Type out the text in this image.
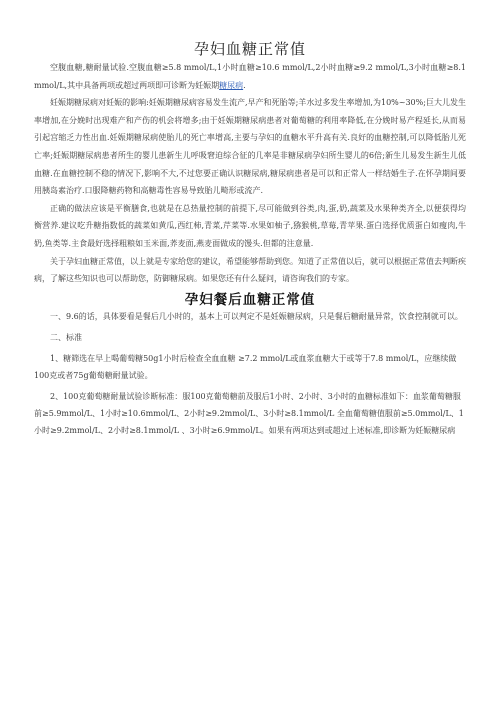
孕妇血糖正常值

空腹血糖,糖耐量试验.空腹血糖≥5.8 mmol/L,1小时血糖≥10.6 mmol/L,2小时血糖≥9.2 mmol/L,3小时血糖≥8.1 mmol/L,其中具备两项或超过两项即可诊断为妊娠期糖尿病.

妊娠期糖尿病对妊娠的影响:妊娠期糖尿病容易发生流产,早产和死胎等;羊水过多发生率增加,为10%~30%;巨大儿发生率增加,在分娩时出现难产和产伤的机会将增多;由于妊娠期糖尿病患者对葡萄糖的利用率降低,在分娩时易产程延长,从而易引起宫缩乏力性出血.妊娠期糖尿病使胎儿的死亡率增高,主要与孕妇的血糖水平升高有关.良好的血糖控制,可以降低胎儿死亡率;妊娠期糖尿病患者所生的婴儿患新生儿呼吸窘迫综合征的几率是非糖尿病孕妇所生婴儿的6倍;新生儿易发生新生儿低血糖.在血糖控制不稳的情况下,影响不大,不过您要正确认识糖尿病,糖尿病患者是可以和正常人一样结婚生子.在怀孕期间要用胰岛素治疗.口服降糖药物和高糖毒性容易导致胎儿畸形或流产.

正确的做法应该是平衡膳食,也就是在总热量控制的前提下,尽可能做到谷类,肉,蛋,奶,蔬菜及水果种类齐全,以便获得均衡营养.建议吃升糖指数低的蔬菜如黄瓜,西红柿,青菜,芹菜等.水果如柚子,猕猴桃,草莓,青苹果.蛋白选择优质蛋白如瘦肉,牛奶,鱼类等.主食最好选择粗粮如玉米面,荞麦面,燕麦面做成的馒头.但都的注意量.

关于孕妇血糖正常值，以上就是专家给您的建议，希望能够帮助到您。知道了正常值以后，就可以根据正常值去判断疾病，了解这些知识也可以帮助您，防御糖尿病。如果您还有什么疑问，请咨询我们的专家。

孕妇餐后血糖正常值

一、9.6的话，具体要看是餐后几小时的，基本上可以判定不是妊娠糖尿病，只是餐后糖耐量异常，饮食控制就可以。

二、标准

1、糖筛选在早上喝葡萄糖50g1小时后检查全血血糖 ≥7.2 mmol/L或血浆血糖大于或等于7.8 mmol/L，应继续做100克或者75g葡萄糖耐量试验。

2、100克葡萄糖耐量试验诊断标准：服100克葡萄糖前及服后1小时、2小时、3小时的血糖标准如下：血浆葡萄糖服前≥5.9mmol/L、1小时≥10.6mmol/L、2小时≥9.2mmol/L、3小时≥8.1mmol/L 全血葡萄糖值服前≥5.0mmol/L、1小时≥9.2mmol/L、2小时≥8.1mmol/L 、3小时≥6.9mmol/L。如果有两项达到或超过上述标准,即诊断为妊娠糖尿病
